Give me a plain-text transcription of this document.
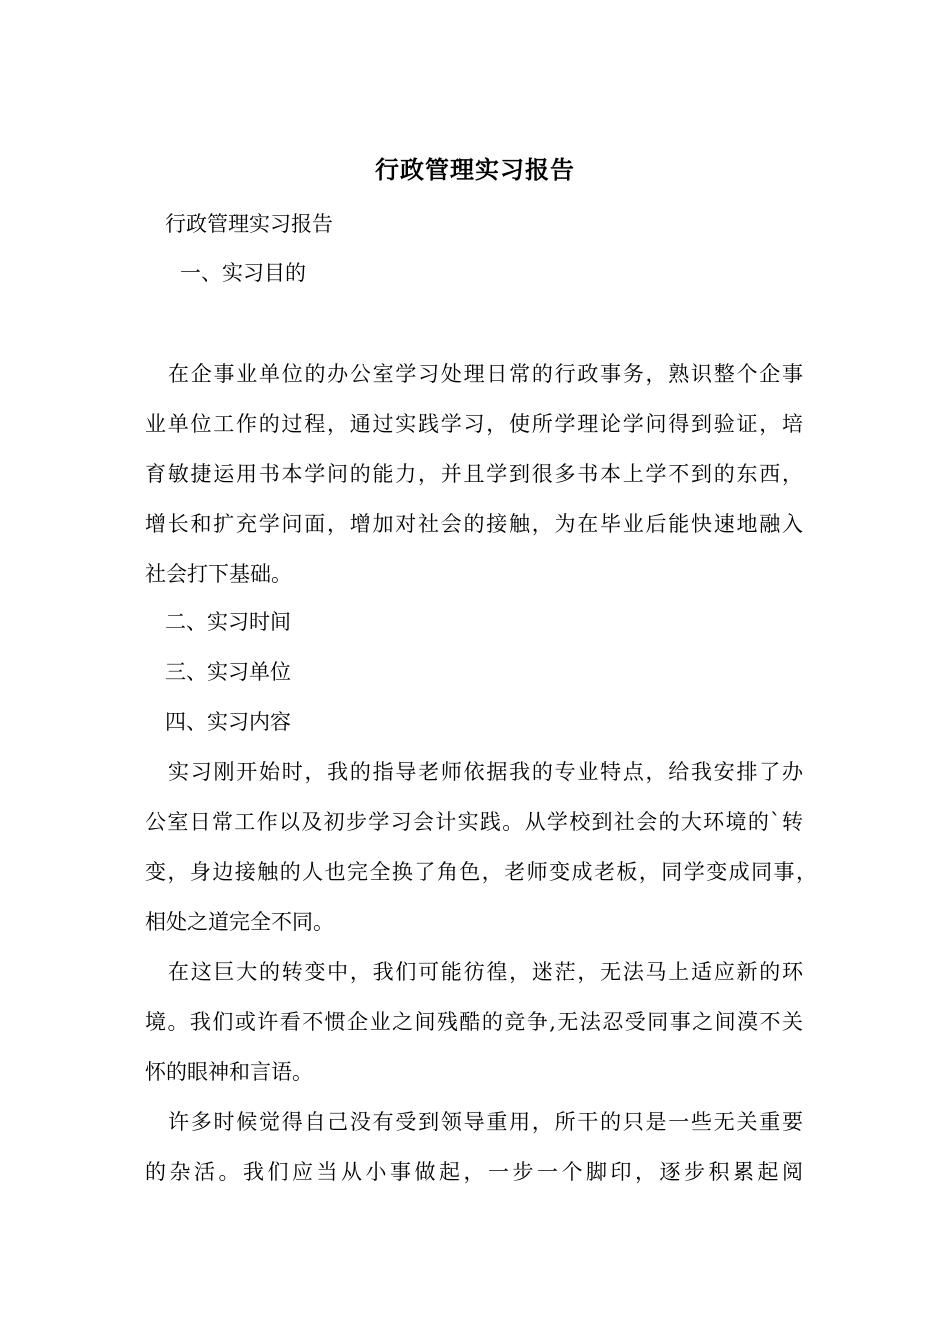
行政管理实习报告
行政管理实习报告
一、实习目的
在企事业单位的办公室学习处理日常的行政事务，熟识整个企事
业单位工作的过程，通过实践学习，使所学理论学问得到验证，培
育敏捷运用书本学问的能力，并且学到很多书本上学不到的东西，
增长和扩充学问面，增加对社会的接触，为在毕业后能快速地融入
社会打下基础。
二、实习时间
三、实习单位
四、实习内容
实习刚开始时，我的指导老师依据我的专业特点，给我安排了办
公室日常工作以及初步学习会计实践。从学校到社会的大环境的`转
变，身边接触的人也完全换了角色，老师变成老板，同学变成同事，
相处之道完全不同。
在这巨大的转变中，我们可能彷徨，迷茫，无法马上适应新的环
境。我们或许看不惯企业之间残酷的竞争,无法忍受同事之间漠不关
怀的眼神和言语。
许多时候觉得自己没有受到领导重用，所干的只是一些无关重要
的杂活。我们应当从小事做起，一步一个脚印，逐步积累起阅
